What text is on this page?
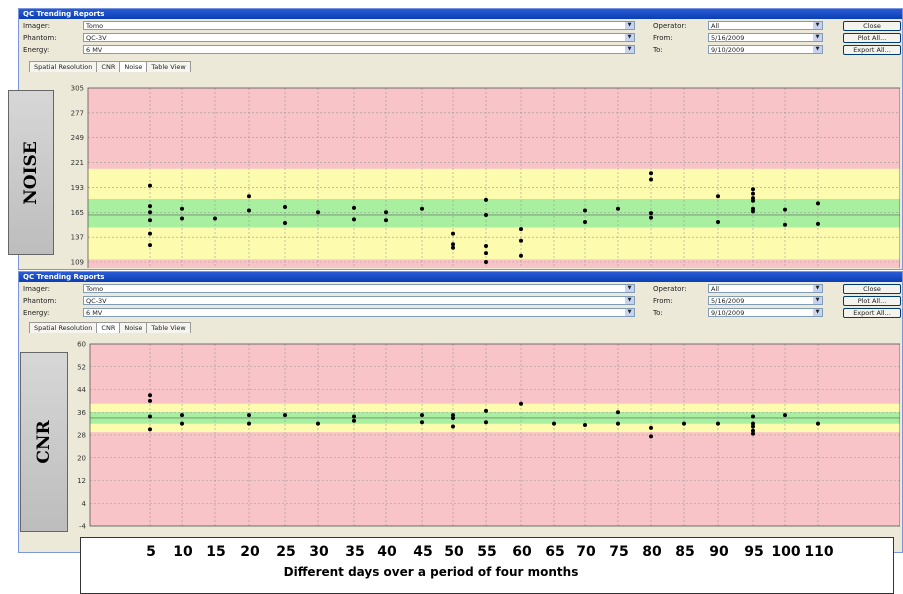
QC Trending Reports
Imager:	Tomo	▼	Operator:	All	▼	Close
Phantom:	QC-3V	▼	From:	5/16/2009	▼	Plot All...
Energy:	6 MV	▼	To:	9/10/2009	▼	Export All...
Spatial Resolution CNR Noise Table View
109
137
165
193
221
249
277
305
QC Trending Reports
Imager:	Tomo	▼	Operator:	All	▼	Close
Phantom:	QC-3V	▼	From:	5/16/2009	▼	Plot All...
Energy:	6 MV	▼	To:	9/10/2009	▼	Export All...
Spatial Resolution CNR Noise Table View
-4
4
12
20
28
36
44
52
60
NOISE
CNR
5 10 15 20 25 30 35 40 45 50 55 60 65 70 75 80 85 90 95 100 110
Different days over a period of four months
